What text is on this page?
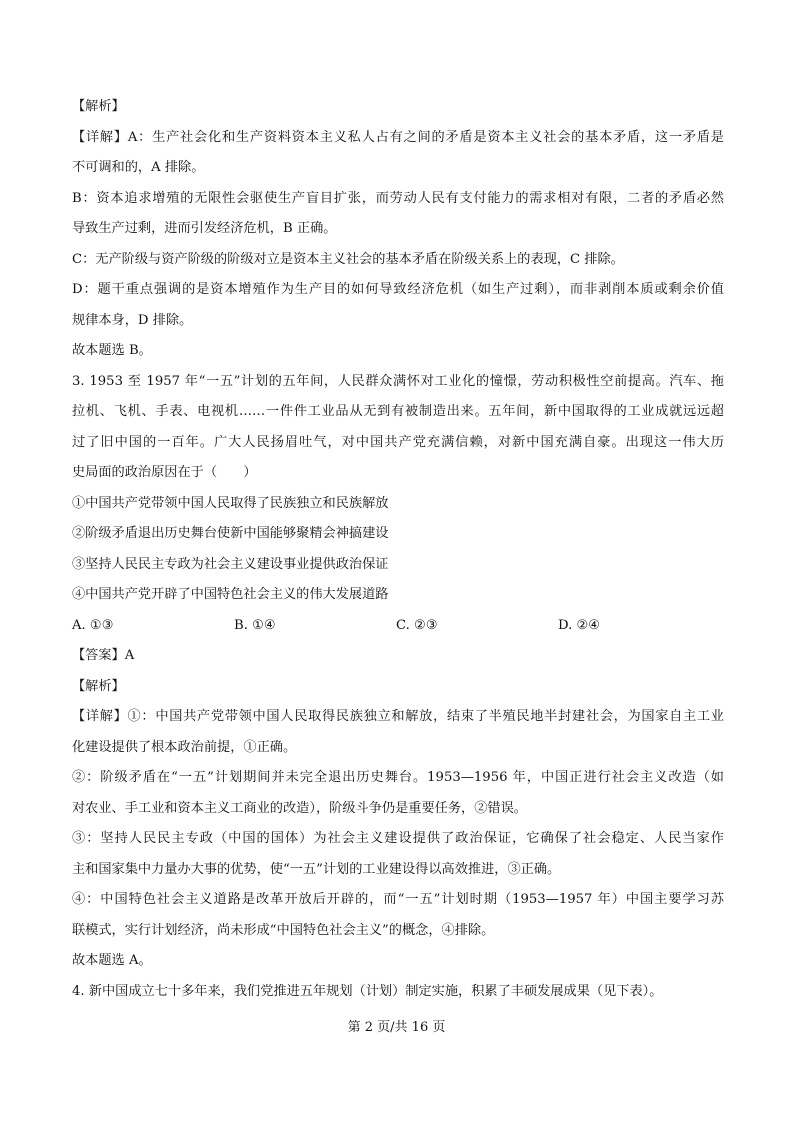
【解析】
【详解】A：生产社会化和生产资料资本主义私人占有之间的矛盾是资本主义社会的基本矛盾，这一矛盾是
不可调和的，A 排除。
B：资本追求增殖的无限性会驱使生产盲目扩张，而劳动人民有支付能力的需求相对有限，二者的矛盾必然
导致生产过剩，进而引发经济危机，B 正确。
C：无产阶级与资产阶级的阶级对立是资本主义社会的基本矛盾在阶级关系上的表现，C 排除。
D：题干重点强调的是资本增殖作为生产目的如何导致经济危机（如生产过剩），而非剥削本质或剩余价值
规律本身，D 排除。
故本题选 B。
3. 1953 至 1957 年“一五”计划的五年间，人民群众满怀对工业化的憧憬，劳动积极性空前提高。汽车、拖
拉机、飞机、手表、电视机……一件件工业品从无到有被制造出来。五年间，新中国取得的工业成就远远超
过了旧中国的一百年。广大人民扬眉吐气，对中国共产党充满信赖，对新中国充满自豪。出现这一伟大历
史局面的政治原因在于（　　）
①中国共产党带领中国人民取得了民族独立和民族解放
②阶级矛盾退出历史舞台使新中国能够聚精会神搞建设
③坚持人民民主专政为社会主义建设事业提供政治保证
④中国共产党开辟了中国特色社会主义的伟大发展道路
A. ①③	B. ①④	C. ②③	D. ②④
【答案】A
【解析】
【详解】①：中国共产党带领中国人民取得民族独立和解放，结束了半殖民地半封建社会，为国家自主工业
化建设提供了根本政治前提，①正确。
②：阶级矛盾在“一五”计划期间并未完全退出历史舞台。1953—1956 年，中国正进行社会主义改造（如
对农业、手工业和资本主义工商业的改造），阶级斗争仍是重要任务，②错误。
③：坚持人民民主专政（中国的国体）为社会主义建设提供了政治保证，它确保了社会稳定、人民当家作
主和国家集中力量办大事的优势，使“一五”计划的工业建设得以高效推进，③正确。
④：中国特色社会主义道路是改革开放后开辟的，而“一五”计划时期（1953—1957 年）中国主要学习苏
联模式，实行计划经济，尚未形成“中国特色社会主义”的概念，④排除。
故本题选 A。
4. 新中国成立七十多年来，我们党推进五年规划（计划）制定实施，积累了丰硕发展成果（见下表）。
第 2 页/共 16 页
